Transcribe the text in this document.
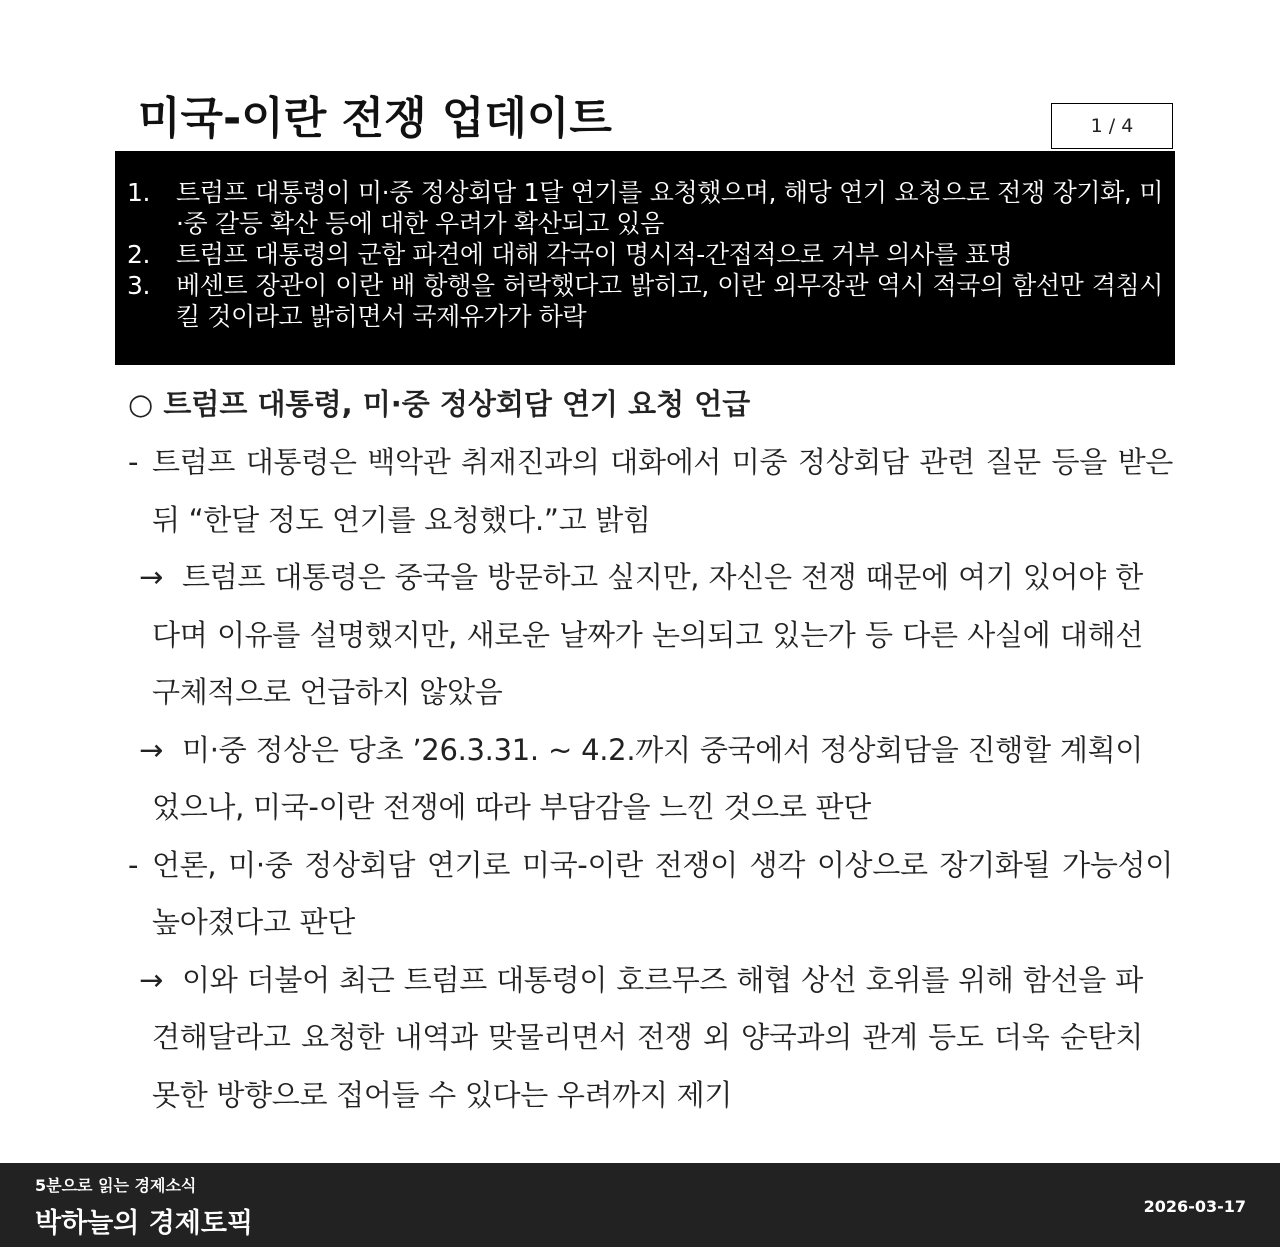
미국-이란 전쟁 업데이트	1 / 4
1. 트럼프 대통령이 미·중 정상회담 1달 연기를 요청했으며, 해당 연기 요청으로 전쟁 장기화, 미·중 갈등 확산 등에 대한 우려가 확산되고 있음
2. 트럼프 대통령의 군함 파견에 대해 각국이 명시적-간접적으로 거부 의사를 표명
3. 베센트 장관이 이란 배 항행을 허락했다고 밝히고, 이란 외무장관 역시 적국의 함선만 격침시킬 것이라고 밝히면서 국제유가가 하락
○ 트럼프 대통령, 미·중 정상회담 연기 요청 언급

- 트럼프 대통령은 백악관 취재진과의 대화에서 미중 정상회담 관련 질문 등을 받은 뒤 “한달 정도 연기를 요청했다.”고 밝힘

→ 트럼프 대통령은 중국을 방문하고 싶지만, 자신은 전쟁 때문에 여기 있어야 한다며 이유를 설명했지만, 새로운 날짜가 논의되고 있는가 등 다른 사실에 대해선 구체적으로 언급하지 않았음

→ 미·중 정상은 당초 ’26.3.31. ~ 4.2.까지 중국에서 정상회담을 진행할 계획이었으나, 미국-이란 전쟁에 따라 부담감을 느낀 것으로 판단

- 언론, 미·중 정상회담 연기로 미국-이란 전쟁이 생각 이상으로 장기화될 가능성이 높아졌다고 판단

→ 이와 더불어 최근 트럼프 대통령이 호르무즈 해협 상선 호위를 위해 함선을 파견해달라고 요청한 내역과 맞물리면서 전쟁 외 양국과의 관계 등도 더욱 순탄치 못한 방향으로 접어들 수 있다는 우려까지 제기

5분으로 읽는 경제소식
박하늘의 경제토픽
2026-03-17
